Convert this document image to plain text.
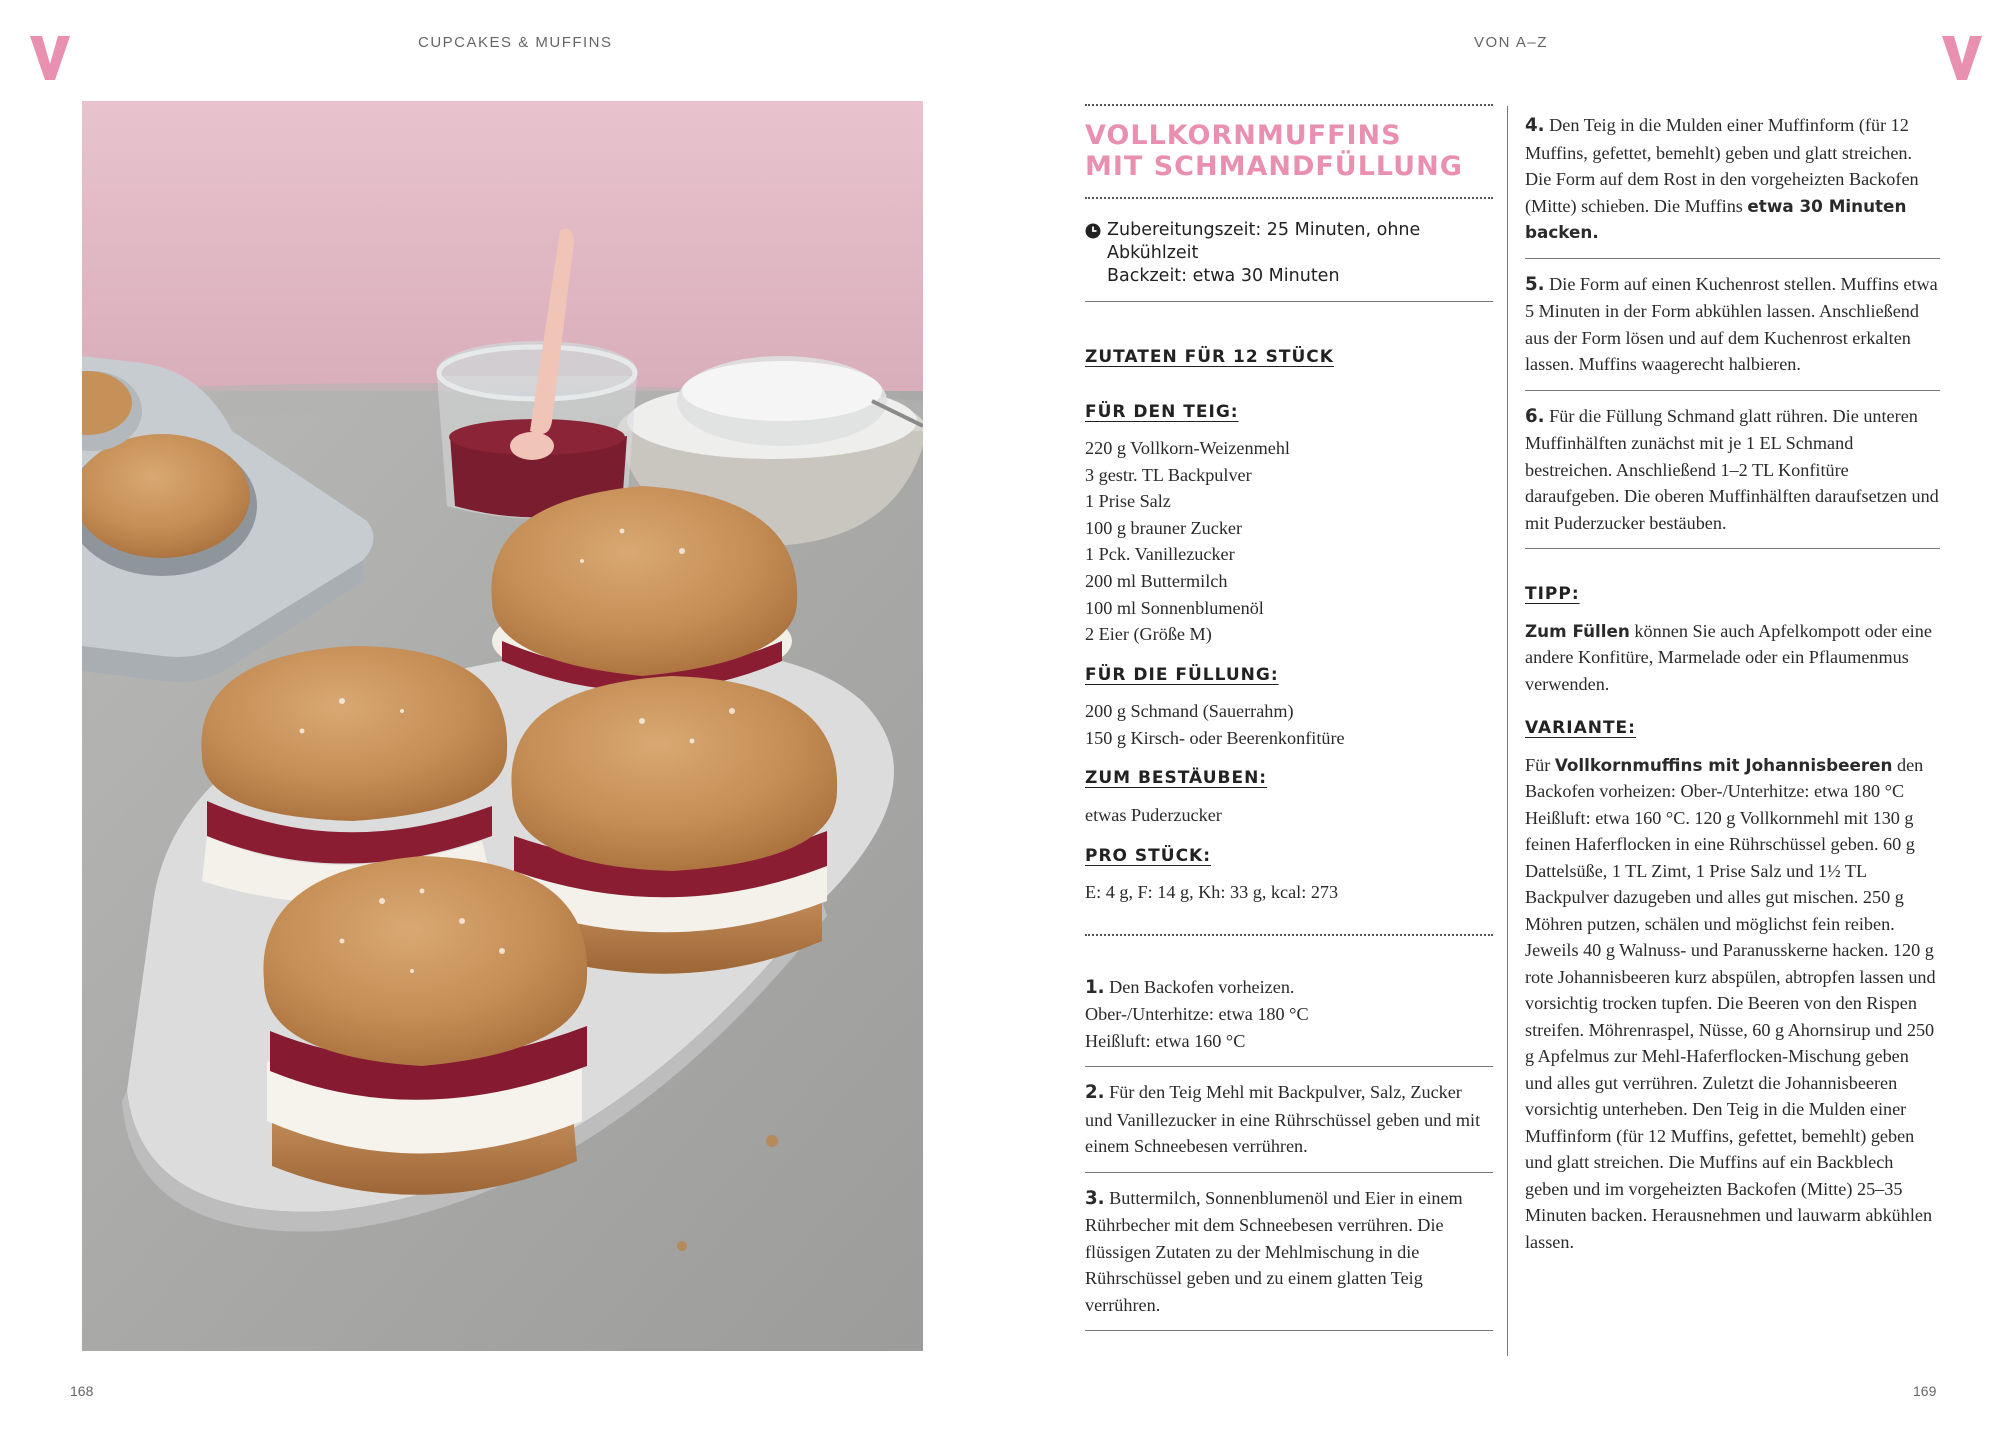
CUPCAKES & MUFFINS	VON A–Z
VOLLKORNMUFFINS
MIT SCHMANDFÜLLUNG
Zubereitungszeit: 25 Minuten, ohne Abkühlzeit
Backzeit: etwa 30 Minuten
ZUTATEN FÜR 12 STÜCK
FÜR DEN TEIG:
220 g Vollkorn-Weizenmehl
3 gestr. TL Backpulver
1 Prise Salz
100 g brauner Zucker
1 Pck. Vanillezucker
200 ml Buttermilch
100 ml Sonnenblumenöl
2 Eier (Größe M)
FÜR DIE FÜLLUNG:
200 g Schmand (Sauerrahm)
150 g Kirsch- oder Beerenkonfitüre
ZUM BESTÄUBEN:
etwas Puderzucker
PRO STÜCK:

E: 4 g, F: 14 g, Kh: 33 g, kcal: 273

1. Den Backofen vorheizen.
Ober-/Unterhitze: etwa 180 °C
Heißluft: etwa 160 °C
2. Für den Teig Mehl mit Backpulver, Salz, Zucker und Vanillezucker in eine Rührschüssel geben und mit einem Schneebesen verrühren.
3. Buttermilch, Sonnenblumenöl und Eier in einem Rührbecher mit dem Schneebesen verrühren. Die flüssigen Zutaten zu der Mehlmischung in die Rührschüssel geben und zu einem glatten Teig verrühren.
4. Den Teig in die Mulden einer Muffinform (für 12 Muffins, gefettet, bemehlt) geben und glatt streichen. Die Form auf dem Rost in den vorgeheizten Backofen (Mitte) schieben. Die Muffins etwa 30 Minuten backen.
5. Die Form auf einen Kuchenrost stellen. Muffins etwa 5 Minuten in der Form abkühlen lassen. Anschließend aus der Form lösen und auf dem Kuchenrost erkalten lassen. Muffins waagerecht halbieren.
6. Für die Füllung Schmand glatt rühren. Die unteren Muffinhälften zunächst mit je 1 EL Schmand bestreichen. Anschließend 1–2 TL Konfitüre daraufgeben. Die oberen Muffinhälften daraufsetzen und mit Puderzucker bestäuben.
TIPP:

Zum Füllen können Sie auch Apfelkompott oder eine andere Konfitüre, Marmelade oder ein Pflaumenmus verwenden.

VARIANTE:

Für Vollkornmuffins mit Johannisbeeren den Backofen vorheizen: Ober-/Unterhitze: etwa 180 °C Heißluft: etwa 160 °C. 120 g Vollkornmehl mit 130 g feinen Haferflocken in eine Rührschüssel geben. 60 g Dattelsüße, 1 TL Zimt, 1 Prise Salz und 1½ TL Backpulver dazugeben und alles gut mischen. 250 g Möhren putzen, schälen und möglichst fein reiben. Jeweils 40 g Walnuss- und Paranusskerne hacken. 120 g rote Johannisbeeren kurz abspülen, abtropfen lassen und vorsichtig trocken tupfen. Die Beeren von den Rispen streifen. Möhrenraspel, Nüsse, 60 g Ahornsirup und 250 g Apfelmus zur Mehl-Haferflocken-Mischung geben und alles gut verrühren. Zuletzt die Johannisbeeren vorsichtig unterheben. Den Teig in die Mulden einer Muffinform (für 12 Muffins, gefettet, bemehlt) geben und glatt streichen. Die Muffins auf ein Backblech geben und im vorgeheizten Backofen (Mitte) 25–35 Minuten backen. Herausnehmen und lauwarm abkühlen lassen.

168	169
